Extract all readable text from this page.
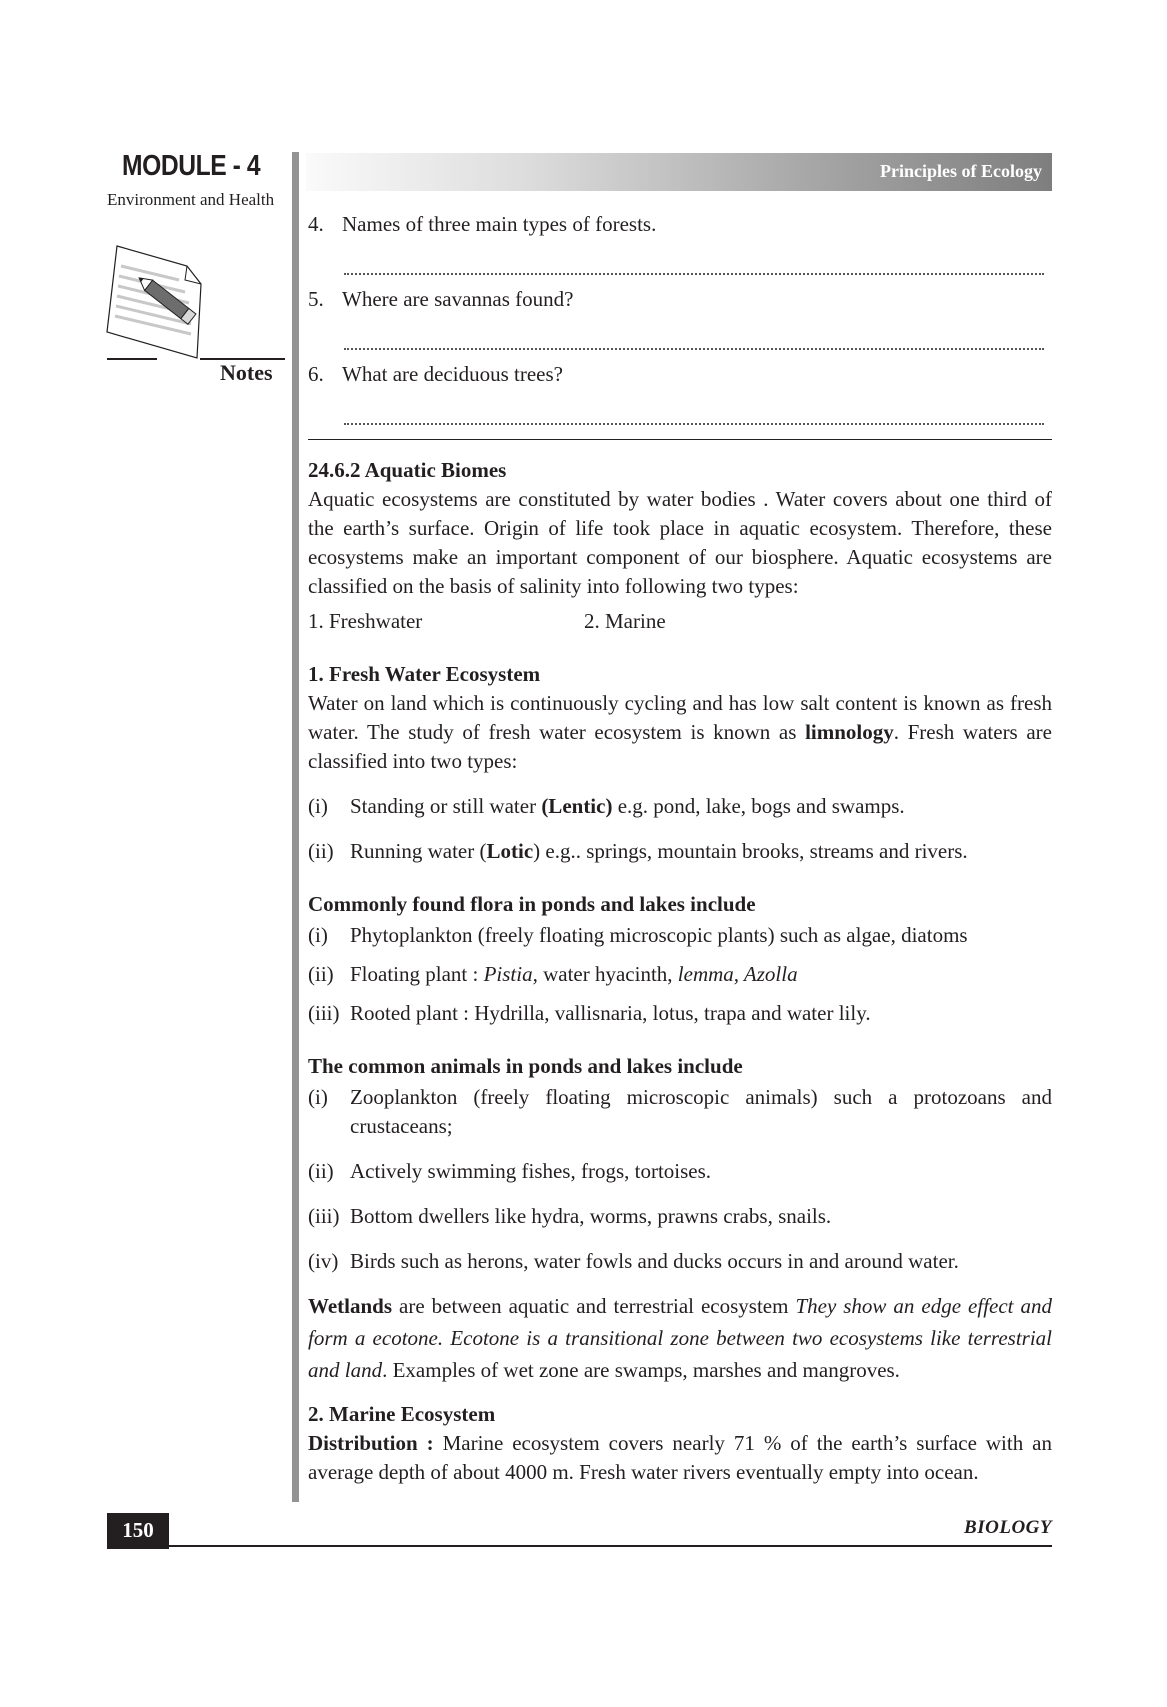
MODULE - 4
Environment and Health
Notes
Principles of Ecology
4. Names of three main types of forests.
5. Where are savannas found?
6. What are deciduous trees?
24.6.2 Aquatic Biomes

Aquatic ecosystems are constituted by water bodies . Water covers about one third of the earth’s surface. Origin of life took place in aquatic ecosystem. Therefore, these ecosystems make an important component of our biosphere. Aquatic ecosystems are classified on the basis of salinity into following two types:

1. Freshwater	2. Marine
1. Fresh Water Ecosystem

Water on land which is continuously cycling and has low salt content is known as fresh water. The study of fresh water ecosystem is known as limnology. Fresh waters are classified into two types:

(i)	Standing or still water (Lentic) e.g. pond, lake, bogs and swamps.
(ii) Running water (Lotic) e.g.. springs, mountain brooks, streams and rivers.
Commonly found flora in ponds and lakes include
(i)	Phytoplankton (freely floating microscopic plants) such as algae, diatoms
(ii) Floating plant : Pistia, water hyacinth, lemma, Azolla
(iii) Rooted plant : Hydrilla, vallisnaria, lotus, trapa and water lily.
The common animals in ponds and lakes include
(i)	Zooplankton (freely floating microscopic animals) such a protozoans and crustaceans;
(ii) Actively swimming fishes, frogs, tortoises.
(iii) Bottom dwellers like hydra, worms, prawns crabs, snails.
(iv) Birds such as herons, water fowls and ducks occurs in and around water.

Wetlands are between aquatic and terrestrial ecosystem They show an edge effect and form a ecotone. Ecotone is a transitional zone between two ecosystems like terrestrial and land. Examples of wet zone are swamps, marshes and mangroves.

2. Marine Ecosystem

Distribution : Marine ecosystem covers nearly 71 % of the earth’s surface with an average depth of about 4000 m. Fresh water rivers eventually empty into ocean.

150	BIOLOGY
